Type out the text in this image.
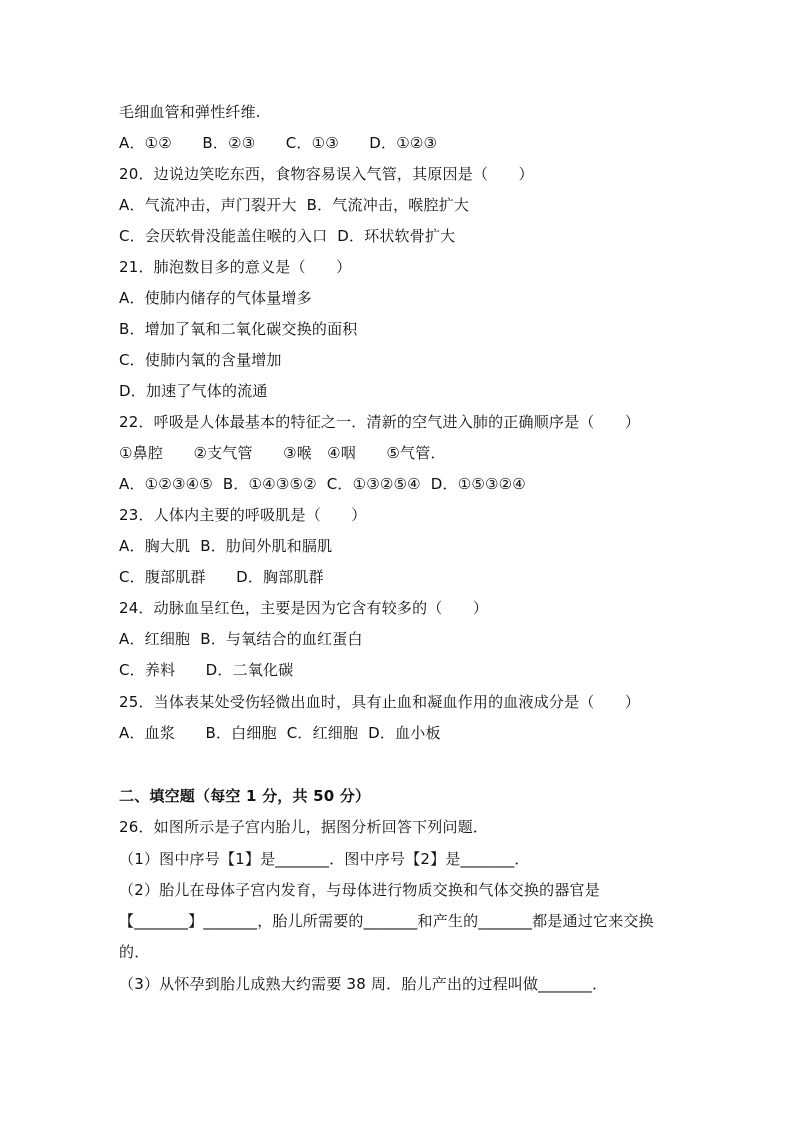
毛细血管和弹性纤维.
A．①②　　B．②③　　C．①③　　D．①②③
20．边说边笑吃东西，食物容易误入气管，其原因是（　　）
A．气流冲击，声门裂开大  B．气流冲击，喉腔扩大
C．会厌软骨没能盖住喉的入口  D．环状软骨扩大
21．肺泡数目多的意义是（　　）
A．使肺内储存的气体量增多
B．增加了氧和二氧化碳交换的面积
C．使肺内氧的含量增加
D．加速了气体的流通
22．呼吸是人体最基本的特征之一．清新的空气进入肺的正确顺序是（　　）
①鼻腔　　②支气管　　③喉　④咽　　⑤气管．
A．①②③④⑤  B．①④③⑤②  C．①③②⑤④  D．①⑤③②④
23．人体内主要的呼吸肌是（　　）
A．胸大肌  B．肋间外肌和膈肌
C．腹部肌群　　D．胸部肌群
24．动脉血呈红色，主要是因为它含有较多的（　　）
A．红细胞  B．与氧结合的血红蛋白
C．养料　　D．二氧化碳
25．当体表某处受伤轻微出血时，具有止血和凝血作用的血液成分是（　　）
A．血浆　　B．白细胞  C．红细胞  D．血小板
二、填空题（每空 1 分，共 50 分）
26．如图所示是子宫内胎儿，据图分析回答下列问题．
（1）图中序号【1】是_______．图中序号【2】是_______．
（2）胎儿在母体子宫内发育，与母体进行物质交换和气体交换的器官是
【_______】_______，胎儿所需要的_______和产生的_______都是通过它来交换
的．
（3）从怀孕到胎儿成熟大约需要 38 周．胎儿产出的过程叫做_______．
